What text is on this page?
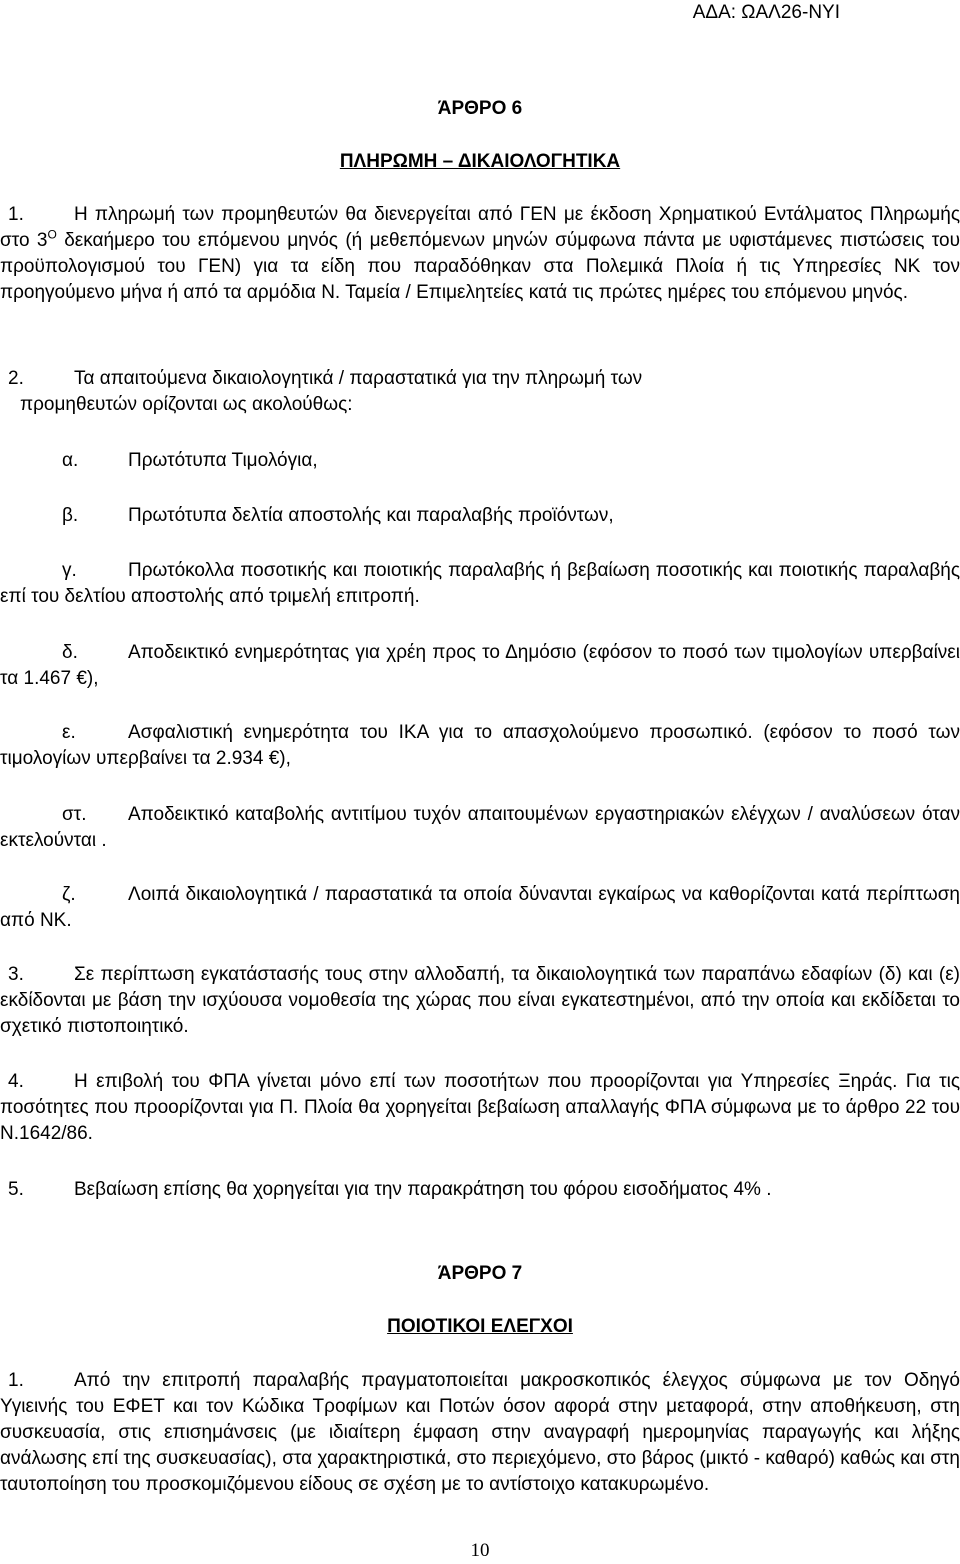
ΑΔΑ: ΩΑΛ26-ΝΥΙ
ΆΡΘΡΟ 6
ΠΛΗΡΩΜΗ – ΔΙΚΑΙΟΛΟΓΗΤΙΚΑ
1.	Η πληρωμή των προμηθευτών θα διενεργείται από ΓΕΝ με έκδοση Χρηματικού Εντάλματος Πληρωμής στο $3^O$ δεκαήμερο του επόμενου μηνός (ή μεθεπόμενων μηνών σύμφωνα πάντα με υφιστάμενες πιστώσεις του προϋπολογισμού του ΓΕΝ) για τα είδη που παραδόθηκαν στα Πολεμικά Πλοία ή τις Υπηρεσίες ΝΚ τον προηγούμενο μήνα ή από τα αρμόδια Ν. Ταμεία / Επιμελητείες κατά τις πρώτες ημέρες του επόμενου μηνός.
2.	Τα απαιτούμενα δικαιολογητικά / παραστατικά για την πληρωμή των
προμηθευτών ορίζονται ως ακολούθως:
α.	Πρωτότυπα Τιμολόγια,
β.	Πρωτότυπα δελτία αποστολής και παραλαβής προϊόντων,
γ.	Πρωτόκολλα ποσοτικής και ποιοτικής παραλαβής ή βεβαίωση ποσοτικής και ποιοτικής παραλαβής επί του δελτίου αποστολής από τριμελή επιτροπή.
δ.	Αποδεικτικό ενημερότητας για χρέη προς το Δημόσιο (εφόσον το ποσό των τιμολογίων υπερβαίνει τα 1.467 €),
ε.	Ασφαλιστική ενημερότητα του ΙΚΑ για το απασχολούμενο προσωπικό. (εφόσον το ποσό των τιμολογίων υπερβαίνει τα 2.934 €),
στ. Αποδεικτικό καταβολής αντιτίμου τυχόν απαιτουμένων εργαστηριακών ελέγχων / αναλύσεων όταν εκτελούνται .
ζ.	Λοιπά δικαιολογητικά / παραστατικά τα οποία δύνανται εγκαίρως να καθορίζονται κατά περίπτωση από ΝΚ.
3.	Σε περίπτωση εγκατάστασής τους στην αλλοδαπή, τα δικαιολογητικά των παραπάνω εδαφίων (δ) και (ε) εκδίδονται με βάση την ισχύουσα νομοθεσία της χώρας που είναι εγκατεστημένοι, από την οποία και εκδίδεται το σχετικό πιστοποιητικό.
4.	Η επιβολή του ΦΠΑ γίνεται μόνο επί των ποσοτήτων που προορίζονται για Υπηρεσίες Ξηράς. Για τις ποσότητες που προορίζονται για Π. Πλοία θα χορηγείται βεβαίωση απαλλαγής ΦΠΑ σύμφωνα με το άρθρο 22 του Ν.1642/86.
5.	Βεβαίωση επίσης θα χορηγείται για την παρακράτηση του φόρου εισοδήματος 4% .
ΆΡΘΡΟ 7
ΠΟΙΟΤΙΚΟΙ ΕΛΕΓΧΟΙ
1.	Από την επιτροπή παραλαβής πραγματοποιείται μακροσκοπικός έλεγχος σύμφωνα με τον Οδηγό Υγιεινής του ΕΦΕΤ και τον Κώδικα Τροφίμων και Ποτών όσον αφορά στην μεταφορά, στην αποθήκευση, στη συσκευασία, στις επισημάνσεις (με ιδιαίτερη έμφαση στην αναγραφή ημερομηνίας παραγωγής και λήξης ανάλωσης επί της συσκευασίας), στα χαρακτηριστικά, στο περιεχόμενο, στο βάρος (μικτό - καθαρό) καθώς και στη ταυτοποίηση του προσκομιζόμενου είδους σε σχέση με το αντίστοιχο κατακυρωμένο.
10
